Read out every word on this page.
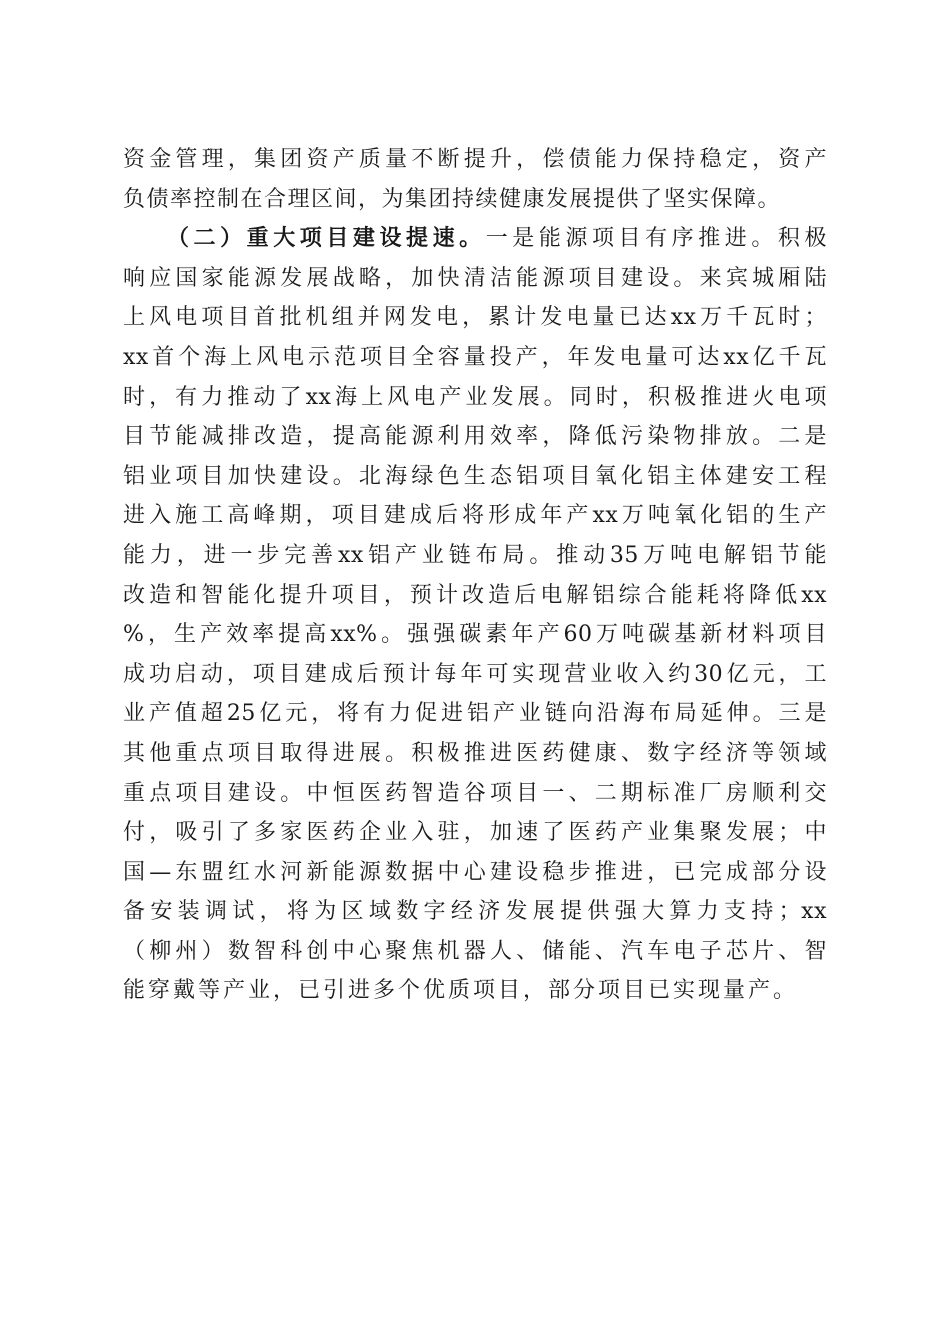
资金管理，集团资产质量不断提升，偿债能力保持稳定，资产
负债率控制在合理区间，为集团持续健康发展提供了坚实保障。
（二）重大项目建设提速。一是能源项目有序推进。积极
响应国家能源发展战略，加快清洁能源项目建设。来宾城厢陆
上风电项目首批机组并网发电，累计发电量已达xx万千瓦时；
xx首个海上风电示范项目全容量投产，年发电量可达xx亿千瓦
时，有力推动了xx海上风电产业发展。同时，积极推进火电项
目节能减排改造，提高能源利用效率，降低污染物排放。二是
铝业项目加快建设。北海绿色生态铝项目氧化铝主体建安工程
进入施工高峰期，项目建成后将形成年产xx万吨氧化铝的生产
能力，进一步完善xx铝产业链布局。推动35万吨电解铝节能
改造和智能化提升项目，预计改造后电解铝综合能耗将降低xx
%，生产效率提高xx%。强强碳素年产60万吨碳基新材料项目
成功启动，项目建成后预计每年可实现营业收入约30亿元，工
业产值超25亿元，将有力促进铝产业链向沿海布局延伸。三是
其他重点项目取得进展。积极推进医药健康、数字经济等领域
重点项目建设。中恒医药智造谷项目一、二期标准厂房顺利交
付，吸引了多家医药企业入驻，加速了医药产业集聚发展；中
国—东盟红水河新能源数据中心建设稳步推进，已完成部分设
备安装调试，将为区域数字经济发展提供强大算力支持；xx
（柳州）数智科创中心聚焦机器人、储能、汽车电子芯片、智
能穿戴等产业，已引进多个优质项目，部分项目已实现量产。
